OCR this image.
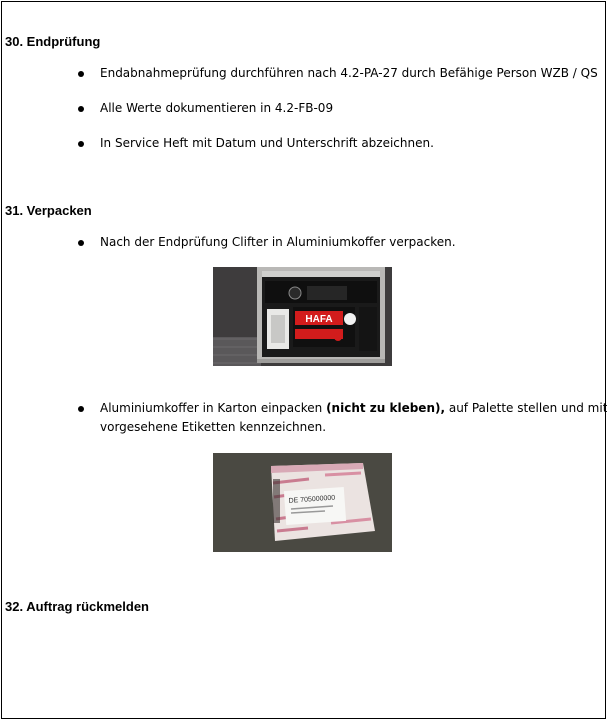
30. Endprüfung
Endabnahmeprüfung durchführen nach 4.2-PA-27 durch Befähige Person WZB / QS
Alle Werte dokumentieren in 4.2-FB-09
In Service Heft mit Datum und Unterschrift abzeichnen.
31. Verpacken
Nach der Endprüfung Clifter in Aluminiumkoffer verpacken.
HAFA
Aluminiumkoffer in Karton einpacken (nicht zu kleben), auf Palette stellen und mit
vorgesehene Etiketten kennzeichnen.
DE 705000000
32. Auftrag rückmelden
